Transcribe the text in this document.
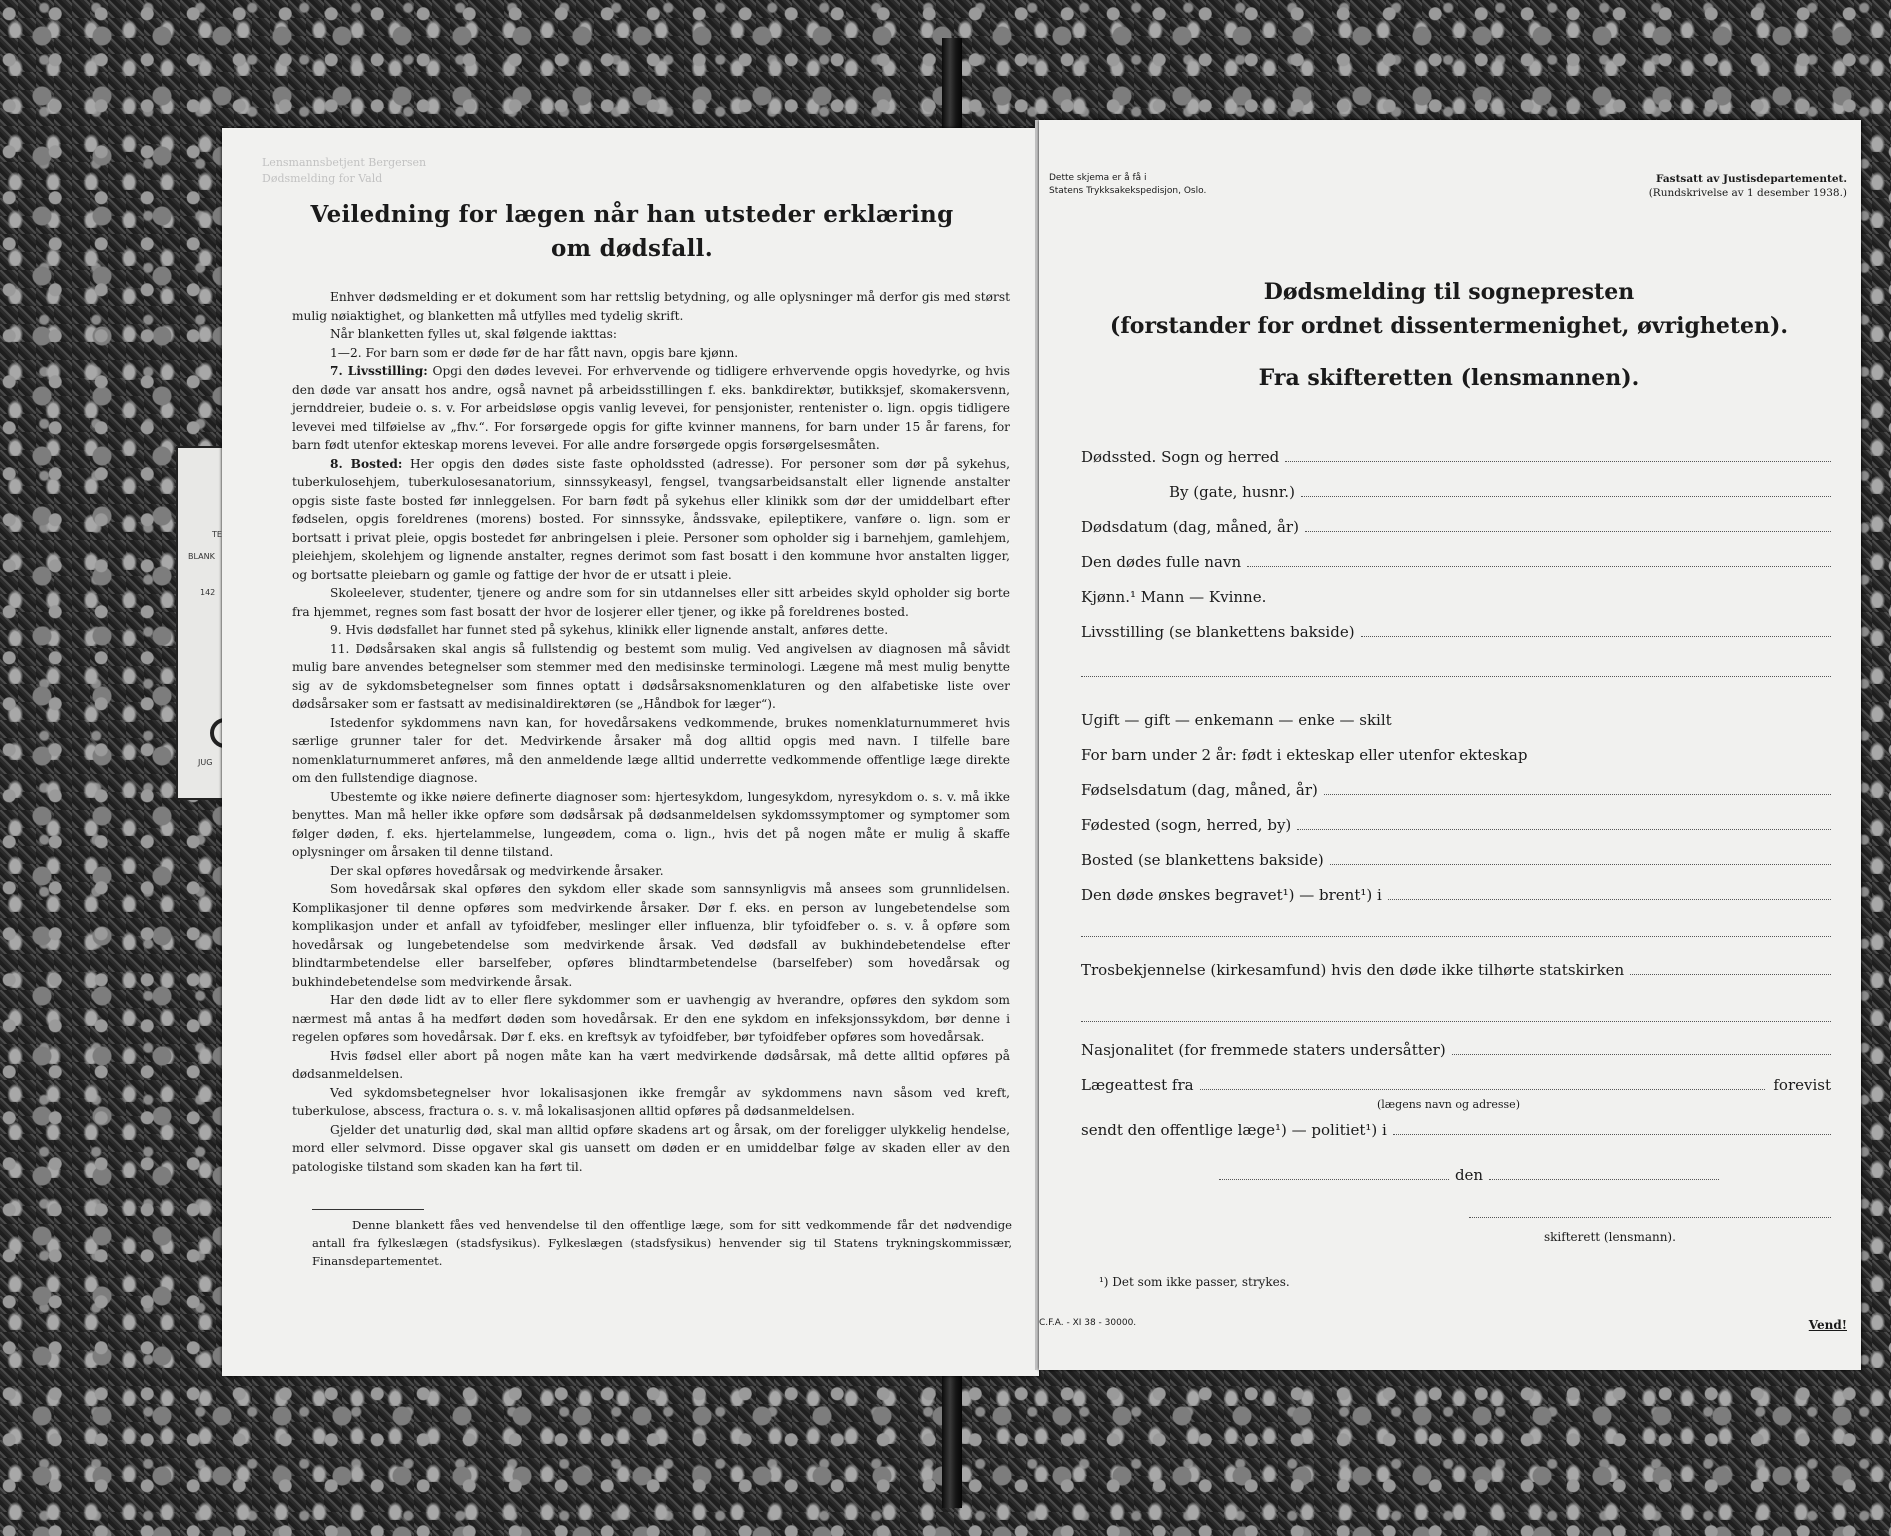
TE
BLANK
142
JUG
Lensmannsbetjent Bergersen
Dødsmelding for Vald
Veiledning for lægen når han utsteder erklæring
om dødsfall.

Enhver dødsmelding er et dokument som har rettslig betydning, og alle oplysninger må derfor gis med størst mulig nøiaktighet, og blanketten må utfylles med tydelig skrift.

Når blanketten fylles ut, skal følgende iakttas:

1—2. For barn som er døde før de har fått navn, opgis bare kjønn.

7. Livsstilling: Opgi den dødes levevei. For erhvervende og tidligere erhvervende opgis hovedyrke, og hvis den døde var ansatt hos andre, også navnet på arbeidsstillingen f. eks. bankdirektør, butikksjef, skomakersvenn, jernddreier, budeie o. s. v. For arbeidsløse opgis vanlig levevei, for pensjonister, rentenister o. lign. opgis tidligere levevei med tilføielse av „fhv.“. For forsørgede opgis for gifte kvinner mannens, for barn under 15 år farens, for barn født utenfor ekteskap morens levevei. For alle andre forsørgede opgis forsørgelsesmåten.

8. Bosted: Her opgis den dødes siste faste opholdssted (adresse). For personer som dør på sykehus, tuberkulosehjem, tuberkulosesanatorium, sinnssykeasyl, fengsel, tvangsarbeidsanstalt eller lignende anstalter opgis siste faste bosted før innleggelsen. For barn født på sykehus eller klinikk som dør der umiddelbart efter fødselen, opgis foreldrenes (morens) bosted. For sinnssyke, åndssvake, epileptikere, vanføre o. lign. som er bortsatt i privat pleie, opgis bostedet før anbringelsen i pleie. Personer som opholder sig i barnehjem, gamlehjem, pleiehjem, skolehjem og lignende anstalter, regnes derimot som fast bosatt i den kommune hvor anstalten ligger, og bortsatte pleiebarn og gamle og fattige der hvor de er utsatt i pleie.

Skoleelever, studenter, tjenere og andre som for sin utdannelses eller sitt arbeides skyld opholder sig borte fra hjemmet, regnes som fast bosatt der hvor de losjerer eller tjener, og ikke på foreldrenes bosted.

9. Hvis dødsfallet har funnet sted på sykehus, klinikk eller lignende anstalt, anføres dette.

11. Dødsårsaken skal angis så fullstendig og bestemt som mulig. Ved angivelsen av diagnosen må såvidt mulig bare anvendes betegnelser som stemmer med den medisinske terminologi. Lægene må mest mulig benytte sig av de sykdomsbetegnelser som finnes optatt i dødsårsaksnomenklaturen og den alfabetiske liste over dødsårsaker som er fastsatt av medisinaldirektøren (se „Håndbok for læger“).

Istedenfor sykdommens navn kan, for hovedårsakens vedkommende, brukes nomenklaturnummeret hvis særlige grunner taler for det. Medvirkende årsaker må dog alltid opgis med navn. I tilfelle bare nomenklaturnummeret anføres, må den anmeldende læge alltid underrette vedkommende offentlige læge direkte om den fullstendige diagnose.

Ubestemte og ikke nøiere definerte diagnoser som: hjertesykdom, lungesykdom, nyresykdom o. s. v. må ikke benyttes. Man må heller ikke opføre som dødsårsak på dødsanmeldelsen sykdomssymptomer og symptomer som følger døden, f. eks. hjertelammelse, lungeødem, coma o. lign., hvis det på nogen måte er mulig å skaffe oplysninger om årsaken til denne tilstand.

Der skal opføres hovedårsak og medvirkende årsaker.

Som hovedårsak skal opføres den sykdom eller skade som sannsynligvis må ansees som grunnlidelsen. Komplikasjoner til denne opføres som medvirkende årsaker. Dør f. eks. en person av lungebetendelse som komplikasjon under et anfall av tyfoidfeber, meslinger eller influenza, blir tyfoidfeber o. s. v. å opføre som hovedårsak og lungebetendelse som medvirkende årsak. Ved dødsfall av bukhindebetendelse efter blindtarmbetendelse eller barselfeber, opføres blindtarmbetendelse (barselfeber) som hovedårsak og bukhindebetendelse som medvirkende årsak.

Har den døde lidt av to eller flere sykdommer som er uavhengig av hverandre, opføres den sykdom som nærmest må antas å ha medført døden som hovedårsak. Er den ene sykdom en infeksjonssykdom, bør denne i regelen opføres som hovedårsak. Dør f. eks. en kreftsyk av tyfoidfeber, bør tyfoidfeber opføres som hovedårsak.

Hvis fødsel eller abort på nogen måte kan ha vært medvirkende dødsårsak, må dette alltid opføres på dødsanmeldelsen.

Ved sykdomsbetegnelser hvor lokalisasjonen ikke fremgår av sykdommens navn såsom ved kreft, tuberkulose, abscess, fractura o. s. v. må lokalisasjonen alltid opføres på dødsanmeldelsen.

Gjelder det unaturlig død, skal man alltid opføre skadens art og årsak, om der foreligger ulykkelig hendelse, mord eller selvmord. Disse opgaver skal gis uansett om døden er en umiddelbar følge av skaden eller av den patologiske tilstand som skaden kan ha ført til.

Denne blankett fåes ved henvendelse til den offentlige læge, som for sitt vedkommende får det nødvendige antall fra fylkeslægen (stadsfysikus). Fylkeslægen (stadsfysikus) henvender sig til Statens trykningskommissær, Finansdepartementet.
Dette skjema er å få i
Statens Trykksakekspedisjon, Oslo.
Fastsatt av Justisdepartementet.
(Rundskrivelse av 1 desember 1938.)
Dødsmelding til sognepresten
(forstander for ordnet dissentermenighet, øvrigheten).
Fra skifteretten (lensmannen).
Dødssted. Sogn og herred
By (gate, husnr.)
Dødsdatum (dag, måned, år)
Den dødes fulle navn
Kjønn.¹ Mann — Kvinne.
Livsstilling (se blankettens bakside)
Ugift — gift — enkemann — enke — skilt
For barn under 2 år: født i ekteskap eller utenfor ekteskap
Fødselsdatum (dag, måned, år)
Fødested (sogn, herred, by)
Bosted (se blankettens bakside)
Den døde ønskes begravet¹) — brent¹) i
Trosbekjennelse (kirkesamfund) hvis den døde ikke tilhørte statskirken
Nasjonalitet (for fremmede staters undersåtter)
Lægeattest fra	forevist
(lægens navn og adresse)
sendt den offentlige læge¹) — politiet¹) i
den
skifterett (lensmann).
¹) Det som ikke passer, strykes.
C.F.A. - XI 38 - 30000.	Vend!
